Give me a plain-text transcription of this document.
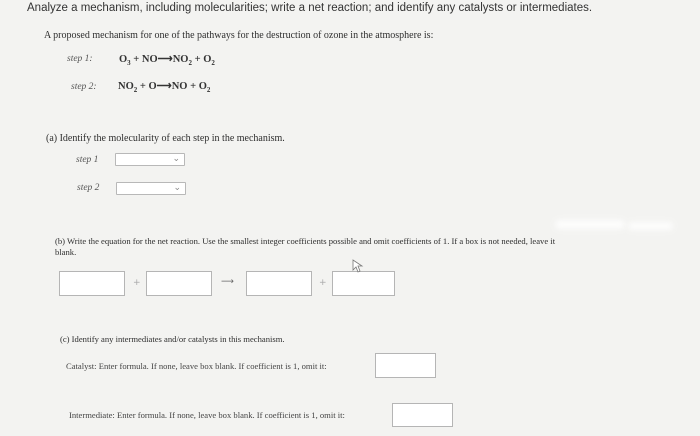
Analyze a mechanism, including molecularities; write a net reaction; and identify any catalysts or intermediates.
A proposed mechanism for one of the pathways for the destruction of ozone in the atmosphere is:
step 1:	$O_3$ + $NO⟶NO_2 + O_2$
step 2: $NO_2$ + O⟶NO + $O_2$
(a) Identify the molecularity of each step in the mechanism.
step 1	⌄
step 2	⌄
(b) Write the equation for the net reaction. Use the smallest integer coefficients possible and omit coefficients of 1. If a box is not needed, leave it
blank.
+	⟶	+
(c) Identify any intermediates and/or catalysts in this mechanism.
Catalyst: Enter formula. If none, leave box blank. If coefficient is 1, omit it:
Intermediate: Enter formula. If none, leave box blank. If coefficient is 1, omit it:
